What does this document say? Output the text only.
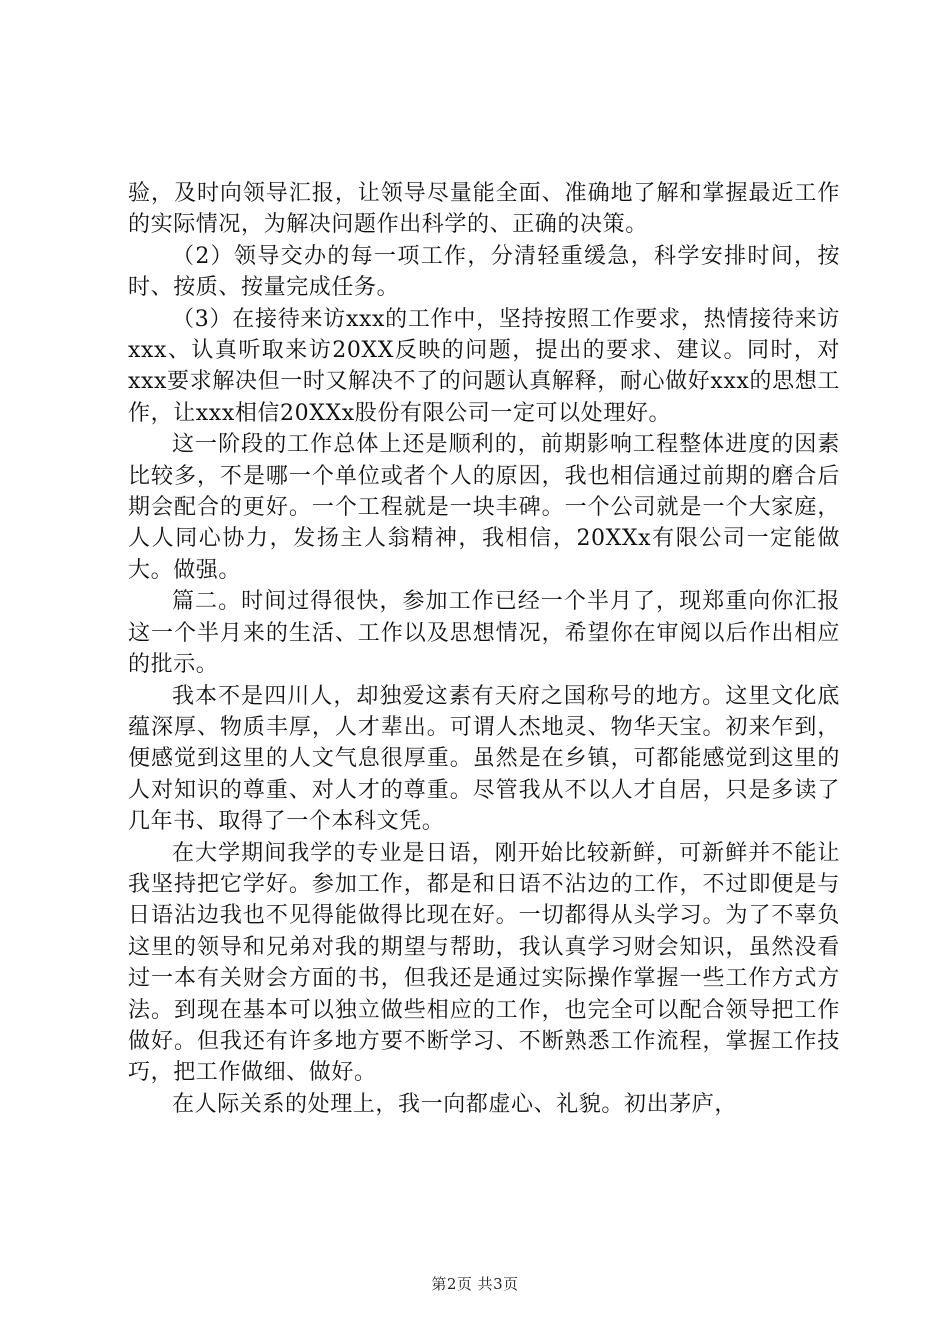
验，及时向领导汇报，让领导尽量能全面、准确地了解和掌握最近工作的实际情况，为解决问题作出科学的、正确的决策。

（2）领导交办的每一项工作，分清轻重缓急，科学安排时间，按时、按质、按量完成任务。

（3）在接待来访xxx的工作中，坚持按照工作要求，热情接待来访xxx、认真听取来访20XX反映的问题，提出的要求、建议。同时，对xxx要求解决但一时又解决不了的问题认真解释，耐心做好xxx的思想工作，让xxx相信20XXx股份有限公司一定可以处理好。

这一阶段的工作总体上还是顺利的，前期影响工程整体进度的因素比较多，不是哪一个单位或者个人的原因，我也相信通过前期的磨合后期会配合的更好。一个工程就是一块丰碑。一个公司就是一个大家庭，人人同心协力，发扬主人翁精神，我相信，20XXx有限公司一定能做大。做强。

篇二。时间过得很快，参加工作已经一个半月了，现郑重向你汇报这一个半月来的生活、工作以及思想情况，希望你在审阅以后作出相应的批示。

我本不是四川人，却独爱这素有天府之国称号的地方。这里文化底蕴深厚、物质丰厚，人才辈出。可谓人杰地灵、物华天宝。初来乍到，便感觉到这里的人文气息很厚重。虽然是在乡镇，可都能感觉到这里的人对知识的尊重、对人才的尊重。尽管我从不以人才自居，只是多读了几年书、取得了一个本科文凭。

在大学期间我学的专业是日语，刚开始比较新鲜，可新鲜并不能让我坚持把它学好。参加工作，都是和日语不沾边的工作，不过即便是与日语沾边我也不见得能做得比现在好。一切都得从头学习。为了不辜负这里的领导和兄弟对我的期望与帮助，我认真学习财会知识，虽然没看过一本有关财会方面的书，但我还是通过实际操作掌握一些工作方式方法。到现在基本可以独立做些相应的工作，也完全可以配合领导把工作做好。但我还有许多地方要不断学习、不断熟悉工作流程，掌握工作技巧，把工作做细、做好。

在人际关系的处理上，我一向都虚心、礼貌。初出茅庐，

第2页 共3页
